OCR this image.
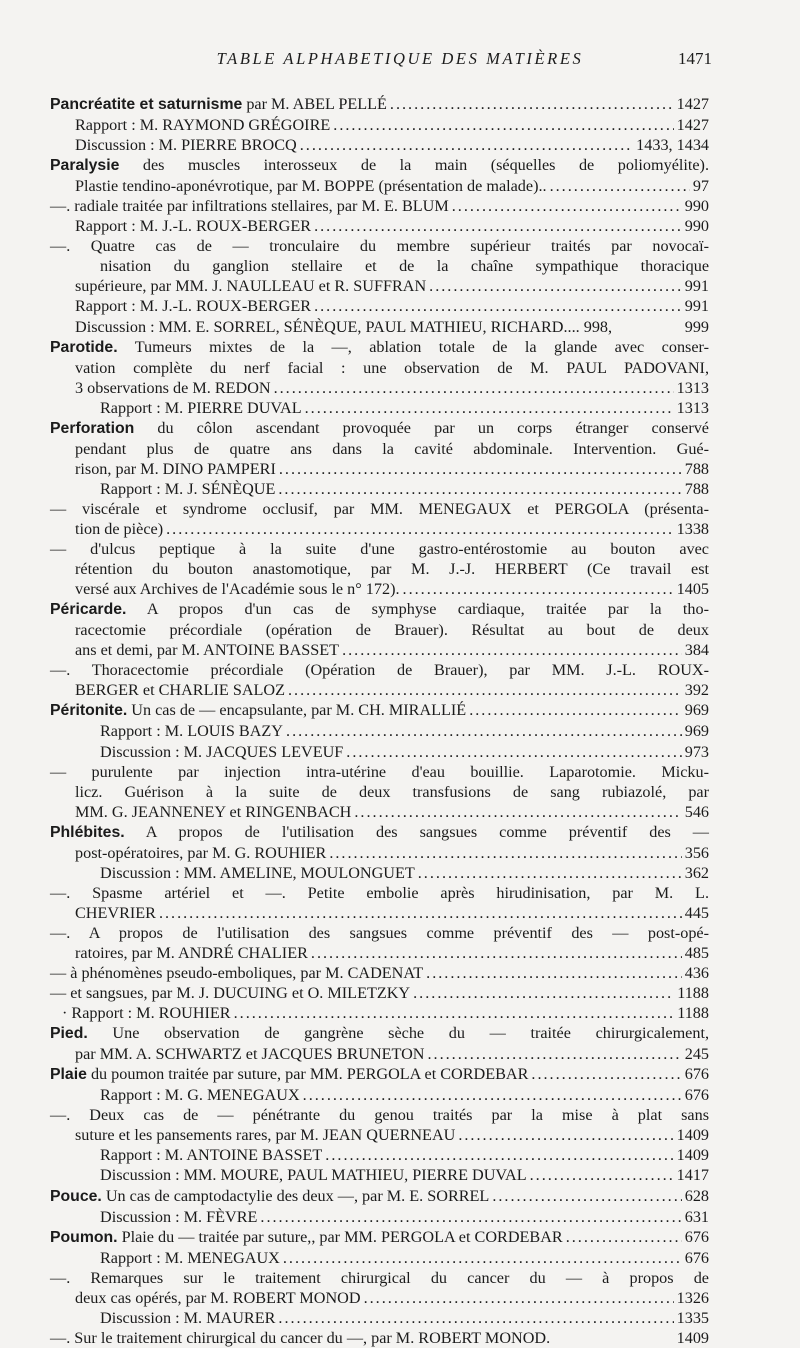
TABLE ALPHABETIQUE DES MATIÈRES	1471
Pancréatite et saturnisme par M. ABEL PELLÉ .....	1427
Rapport : M. RAYMOND GRÉGOIRE .....	1427
Discussion : M. PIERRE BROCQ .....	1433, 1434
Paralysie des muscles interosseux de la main (séquelles de poliomyélite).
Plastie tendino-aponévrotique, par M. BOPPE (présentation de malade).. .....	97
—. radiale traitée par infiltrations stellaires, par M. E. BLUM .....	990
Rapport : M. J.-L. ROUX-BERGER .....	990
—. Quatre cas de — tronculaire du membre supérieur traités par novocaï-
nisation du ganglion stellaire et de la chaîne sympathique thoracique
supérieure, par MM. J. NAULLEAU et R. SUFFRAN .....	991
Rapport : M. J.-L. ROUX-BERGER .....	991
Discussion : MM. E. SORREL, SÉNÈQUE, PAUL MATHIEU, RICHARD.... 998,	999
Parotide. Tumeurs mixtes de la —, ablation totale de la glande avec conser-
vation complète du nerf facial : une observation de M. PAUL PADOVANI,
3 observations de M. REDON .....	1313
Rapport : M. PIERRE DUVAL .....	1313
Perforation du côlon ascendant provoquée par un corps étranger conservé
pendant plus de quatre ans dans la cavité abdominale. Intervention. Gué-
rison, par M. DINO PAMPERI .....	788
Rapport : M. J. SÉNÈQUE .....	788
— viscérale et syndrome occlusif, par MM. MENEGAUX et PERGOLA (présenta-
tion de pièce) .....	1338
— d'ulcus peptique à la suite d'une gastro-entérostomie au bouton avec
rétention du bouton anastomotique, par M. J.-J. HERBERT (Ce travail est
versé aux Archives de l'Académie sous le n° 172). .....	1405
Péricarde. A propos d'un cas de symphyse cardiaque, traitée par la tho-
racectomie précordiale (opération de Brauer). Résultat au bout de deux
ans et demi, par M. ANTOINE BASSET .....	384
—. Thoracectomie précordiale (Opération de Brauer), par MM. J.-L. ROUX-
BERGER et CHARLIE SALOZ .....	392
Péritonite. Un cas de — encapsulante, par M. CH. MIRALLIÉ .....	969
Rapport : M. LOUIS BAZY .....	969
Discussion : M. JACQUES LEVEUF .....	973
— purulente par injection intra-utérine d'eau bouillie. Laparotomie. Micku-
licz. Guérison à la suite de deux transfusions de sang rubiazolé, par
MM. G. JEANNENEY et RINGENBACH .....	546
Phlébites. A propos de l'utilisation des sangsues comme préventif des —
post-opératoires, par M. G. ROUHIER .....	356
Discussion : MM. AMELINE, MOULONGUET .....	362
—. Spasme artériel et —. Petite embolie après hirudinisation, par M. L.
CHEVRIER .....	445
—. A propos de l'utilisation des sangsues comme préventif des — post-opé-
ratoires, par M. ANDRÉ CHALIER .....	485
— à phénomènes pseudo-emboliques, par M. CADENAT .....	436
— et sangsues, par M. J. DUCUING et O. MILETZKY .....	1188
· Rapport : M. ROUHIER .....	1188
Pied. Une observation de gangrène sèche du — traitée chirurgicalement,
par MM. A. SCHWARTZ et JACQUES BRUNETON .....	245
Plaie du poumon traitée par suture, par MM. PERGOLA et CORDEBAR .....	676
Rapport : M. G. MENEGAUX .....	676
—. Deux cas de — pénétrante du genou traités par la mise à plat sans
suture et les pansements rares, par M. JEAN QUERNEAU .....	1409
Rapport : M. ANTOINE BASSET .....	1409
Discussion : MM. MOURE, PAUL MATHIEU, PIERRE DUVAL .....	1417
Pouce. Un cas de camptodactylie des deux —, par M. E. SORREL .....	628
Discussion : M. FÈVRE .....	631
Poumon. Plaie du — traitée par suture,, par MM. PERGOLA et CORDEBAR .....	676
Rapport : M. MENEGAUX .....	676
—. Remarques sur le traitement chirurgical du cancer du — à propos de
deux cas opérés, par M. ROBERT MONOD .....	1326
Discussion : M. MAURER .....	1335
—. Sur le traitement chirurgical du cancer du —, par M. ROBERT MONOD.	1409
